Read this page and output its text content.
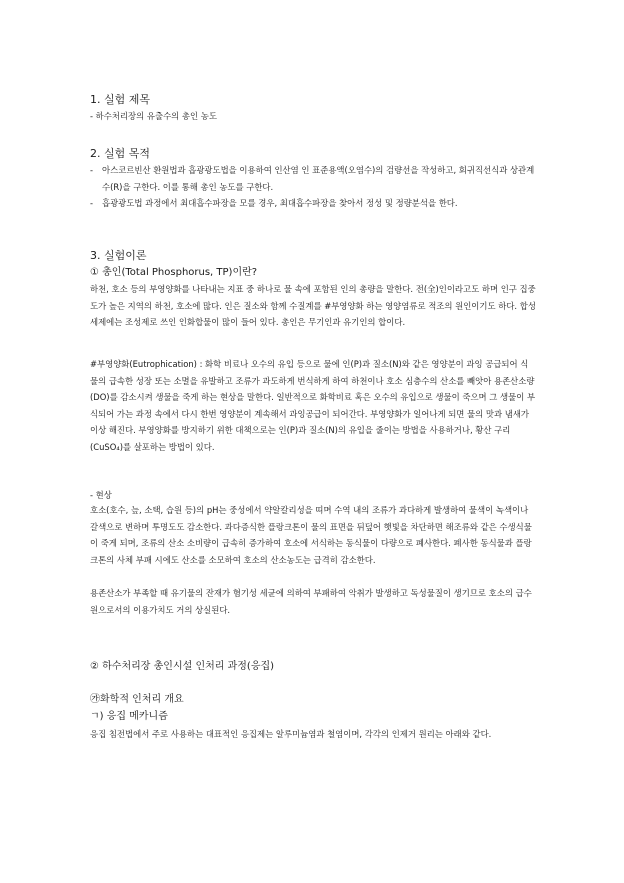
1. 실험 제목
- 하수처리장의 유출수의 총인 농도
2. 실험 목적

- 아스코르빈산 환원법과 흡광광도법을 이용하여 인산염 인 표준용액(오염수)의 검량선을 작성하고, 회귀직선식과 상관계수(R)을 구한다. 이를 통해 총인 농도를 구한다.

- 흡광광도법 과정에서 최대흡수파장을 모를 경우, 최대흡수파장을 찾아서 정성 및 정량분석을 한다.

3. 실험이론
① 총인(Total Phosphorus, TP)이란?

하천, 호소 등의 부영양화를 나타내는 지표 중 하나로 물 속에 포함된 인의 총량을 말한다. 전(全)인이라고도 하며 인구 집중도가 높은 지역의 하천, 호소에 많다. 인은 질소와 함께 수질계를 #부영양화 하는 영양염류로 적조의 원인이기도 하다. 합성 세제에는 조성제로 쓰인 인화합물이 많이 들어 있다. 총인은 무기인과 유기인의 합이다.

#부영양화(Eutrophication) : 화학 비료나 오수의 유입 등으로 물에 인(P)과 질소(N)와 같은 영양분이 과잉 공급되어 식물의 급속한 성장 또는 소멸을 유발하고 조류가 과도하게 번식하게 하여 하천이나 호소 심층수의 산소를 빼앗아 용존산소량(DO)를 감소시켜 생물을 죽게 하는 현상을 말한다. 일반적으로 화학비료 혹은 오수의 유입으로 생물이 죽으며 그 생물이 부식되어 가는 과정 속에서 다시 한번 영양분이 계속해서 과잉공급이 되어간다. 부영양화가 일어나게 되면 물의 맛과 냄새가 이상 해진다. 부영양화를 방지하기 위한 대책으로는 인(P)과 질소(N)의 유입을 줄이는 방법을 사용하거나, 황산 구리(CuSO₄)를 살포하는 방법이 있다.

- 현상

호소(호수, 늪, 소택, 습원 등)의 pH는 중성에서 약알칼리성을 띠며 수역 내의 조류가 과다하게 발생하여 물색이 녹색이나 갈색으로 변하며 투명도도 감소한다. 과다증식한 플랑크톤이 물의 표면을 뒤덮어 햇빛을 차단하면 해조류와 같은 수생식물이 죽게 되며, 조류의 산소 소비량이 급속히 증가하여 호소에 서식하는 동식물이 다량으로 폐사한다. 폐사한 동식물과 플랑크톤의 사체 부패 시에도 산소를 소모하여 호소의 산소농도는 급격히 감소한다.

용존산소가 부족할 때 유기물의 잔재가 혐기성 세균에 의하여 부패하여 악취가 발생하고 독성물질이 생기므로 호소의 급수원으로서의 이용가치도 거의 상실된다.

② 하수처리장 총인시설 인처리 과정(응집)
㉮화학적 인처리 개요
ㄱ) 응집 메카니즘

응집 침전법에서 주로 사용하는 대표적인 응집제는 알루미늄염과 철염이며, 각각의 인제거 원리는 아래와 같다.
